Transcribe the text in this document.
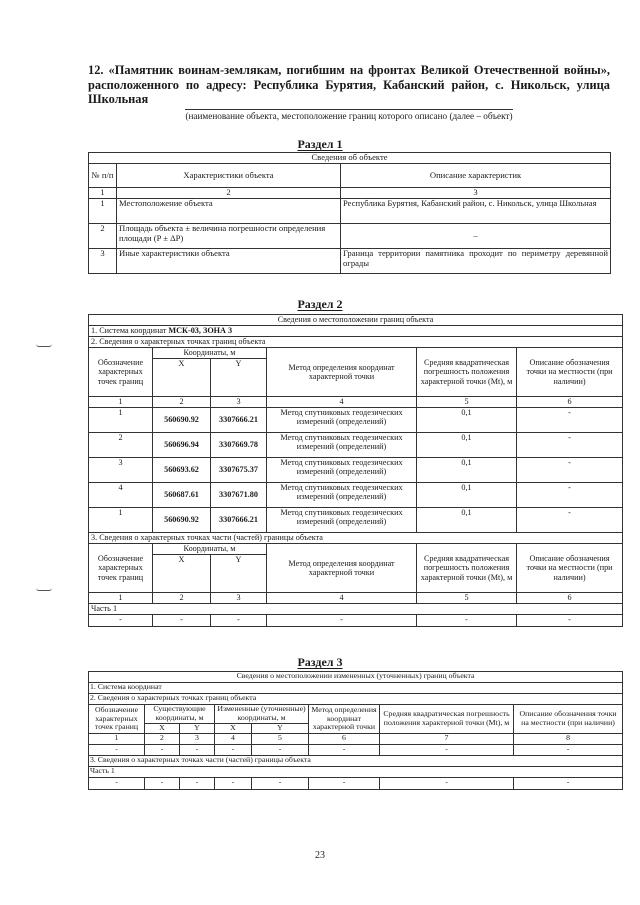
12. «Памятник воинам-землякам, погибшим на фронтах Великой Отечественной войны», расположенного по адресу: Республика Бурятия, Кабанский район, с. Никольск, улица Школьная
(наименование объекта, местоположение границ которого описано (далее – объект)
Раздел 1
Сведения об объекте		
№ п/п	Характеристики объекта	Описание характеристик
1	2	3
1	Местоположение объекта	Республика Бурятия, Кабанский район, с. Никольск, улица Школьная
2	Площадь объекта ± величина погрешности определения площади (P ± ΔP)	–
3	Иные характеристики объекта	Граница территории памятника проходит по периметру деревянной ограды
Раздел 2
Сведения о местоположении границ объекта					
1. Система координат МСК-03, ЗОНА 3					
2. Сведения о характерных точках границ объекта					
Обозначение характерных точек границ	Координаты, м		Метод определения координат характерной точки	Средняя квадратическая погрешность положения характерной точки (Mt), м	Описание обозначения точки на местности (при наличии)
	X	Y			
1	2	3	4	5	6
1	560690.92	3307666.21	Метод спутниковых геодезических измерений (определений)	0,1	-
2	560696.94	3307669.78	Метод спутниковых геодезических измерений (определений)	0,1	-
3	560693.62	3307675.37	Метод спутниковых геодезических измерений (определений)	0,1	-
4	560687.61	3307671.80	Метод спутниковых геодезических измерений (определений)	0,1	-
1	560690.92	3307666.21	Метод спутниковых геодезических измерений (определений)	0,1	-
3. Сведения о характерных точках части (частей) границы объекта					
Обозначение характерных точек границ	Координаты, м		Метод определения координат характерной точки	Средняя квадратическая погрешность положения характерной точки (Mt), м	Описание обозначения точки на местности (при наличии)
	X	Y			
1	2	3	4	5	6
Часть 1					
-	-	-	-	-	-
Раздел 3
Сведения о местоположении измененных (уточненных) границ объекта							
1. Система координат							
2. Сведения о характерных точках границ объекта							
Обозначение характерных точек границ	Существующие координаты, м		Измененные (уточненные) координаты, м		Метод определения координат характерной точки	Средняя квадратическая погрешность положения характерной точки (Mt), м	Описание обозначения точки на местности (при наличии)
	X	Y	X	Y			
1	2	3	4	5	6	7	8
-	-	-	-	-	-	-	-
3. Сведения о характерных точках части (частей) границы объекта							
Часть 1							
-	-	-	-	-	-	-	-
23
